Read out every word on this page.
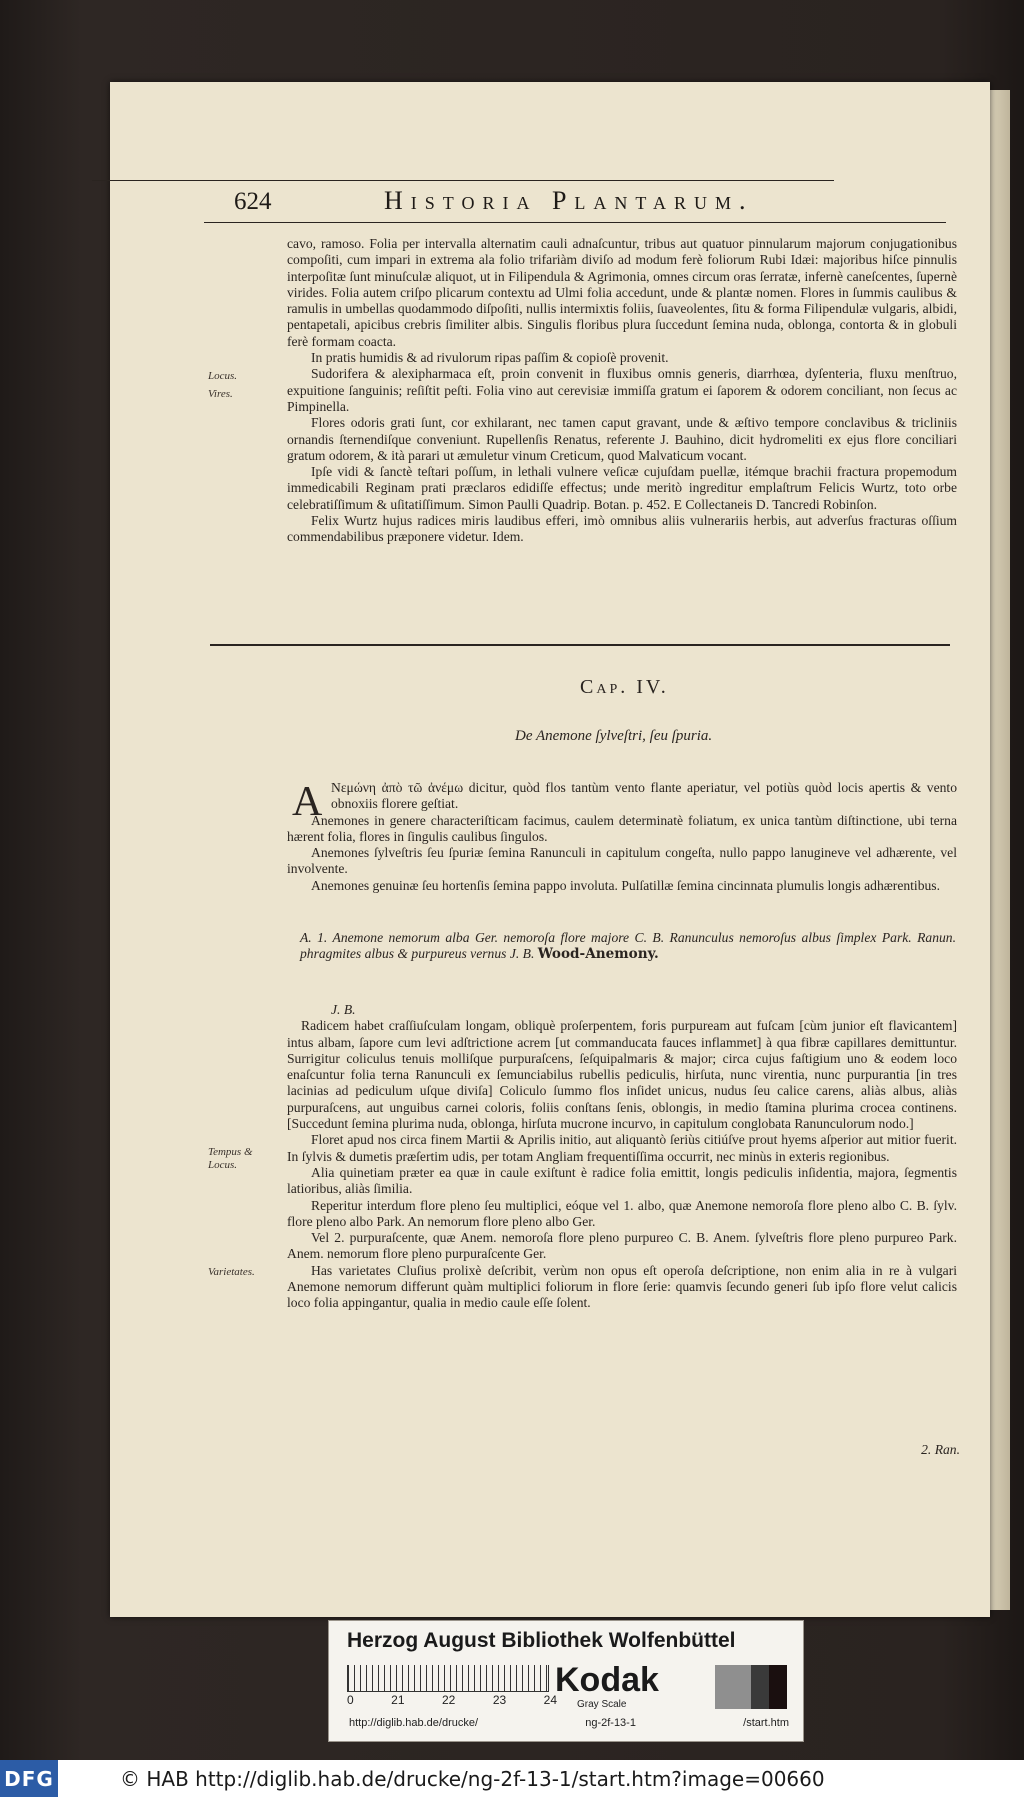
624	Historia Plantarum.
Locus.
Vires.

cavo, ramoso. Folia per intervalla alternatim cauli adnaſcuntur, tribus aut quatuor pinnularum majorum conjugationibus compoſiti, cum impari in extrema ala folio trifariàm diviſo ad modum ferè foliorum Rubi Idæi: majoribus hiſce pinnulis interpoſitæ ſunt minuſculæ aliquot, ut in Filipendula & Agrimonia, omnes circum oras ſerratæ, infernè caneſcentes, ſupernè virides. Folia autem criſpo plicarum contextu ad Ulmi folia accedunt, unde & plantæ nomen. Flores in ſummis caulibus & ramulis in umbellas quodammodo diſpoſiti, nullis intermixtis foliis, ſuaveolentes, ſitu & forma Filipendulæ vulgaris, albidi, pentapetali, apicibus crebris ſimiliter albis. Singulis floribus plura ſuccedunt ſemina nuda, oblonga, contorta & in globuli ferè formam coacta.

In pratis humidis & ad rivulorum ripas paſſim & copioſè provenit.

Sudorifera & alexipharmaca eſt, proin convenit in fluxibus omnis generis, diarrhœa, dyſenteria, fluxu menſtruo, expuitione ſanguinis; reſiſtit peſti. Folia vino aut cerevisiæ immiſſa gratum ei ſaporem & odorem conciliant, non ſecus ac Pimpinella.

Flores odoris grati ſunt, cor exhilarant, nec tamen caput gravant, unde & æſtivo tempore conclavibus & tricliniis ornandis ſternendiſque conveniunt. Rupellenſis Renatus, referente J. Bauhino, dicit hydromeliti ex ejus flore conciliari gratum odorem, & ità parari ut æmuletur vinum Creticum, quod Malvaticum vocant.

Ipſe vidi & ſanctè teſtari poſſum, in lethali vulnere veſicæ cujuſdam puellæ, itémque brachii fractura propemodum immedicabili Reginam prati præclaros edidiſſe effectus; unde meritò ingreditur emplaſtrum Felicis Wurtz, toto orbe celebratiſſimum & uſitatiſſimum. Simon Paulli Quadrip. Botan. p. 452. E Collectaneis D. Tancredi Robinſon.

Felix Wurtz hujus radices miris laudibus efferi, imò omnibus aliis vulnerariis herbis, aut adverſus fracturas oſſium commendabilibus præponere videtur. Idem.

Cap. IV.
De Anemone ſylveſtri, ſeu ſpuria.
A Νεμώνη ἀπὸ τῶ ἀνέμω dicitur, quòd flos tantùm vento flante aperiatur, vel potiùs quòd locis apertis & vento obnoxiis florere geſtiat.

Anemones in genere characteriſticam facimus, caulem determinatè foliatum, ex unica tantùm diſtinctione, ubi terna hærent folia, flores in ſingulis caulibus ſingulos.

Anemones ſylveſtris ſeu ſpuriæ ſemina Ranunculi in capitulum congeſta, nullo pappo lanugineve vel adhærente, vel involvente.

Anemones genuinæ ſeu hortenſis ſemina pappo involuta. Pulſatillæ ſemina cincinnata plumulis longis adhærentibus.

A. 1. Anemone nemorum alba Ger. nemoroſa flore majore C. B. Ranunculus nemoroſus albus ſimplex Park. Ranun. phragmites albus & purpureus vernus J. B. Wood-Anemony.
Tempus & Locus.
Varietates.

J. B.

Radicem habet craſſiuſculam longam, obliquè proſerpentem, foris purpuream aut fuſcam [cùm junior eſt flavicantem] intus albam, ſapore cum levi adſtrictione acrem [ut commanducata fauces inflammet] à qua fibræ capillares demittuntur. Surrigitur coliculus tenuis molliſque purpuraſcens, ſeſquipalmaris & major; circa cujus faſtigium uno & eodem loco enaſcuntur folia terna Ranunculi ex ſemunciabilus rubellis pediculis, hirſuta, nunc virentia, nunc purpurantia [in tres lacinias ad pediculum uſque diviſa] Coliculo ſummo flos inſidet unicus, nudus ſeu calice carens, aliàs albus, aliàs purpuraſcens, aut unguibus carnei coloris, foliis conſtans ſenis, oblongis, in medio ſtamina plurima crocea continens. [Succedunt ſemina plurima nuda, oblonga, hirſuta mucrone incurvo, in capitulum conglobata Ranunculorum nodo.]

Floret apud nos circa finem Martii & Aprilis initio, aut aliquantò ſeriùs citiúſve prout hyems aſperior aut mitior fuerit. In ſylvis & dumetis præſertim udis, per totam Angliam frequentiſſima occurrit, nec minùs in exteris regionibus.

Alia quinetiam præter ea quæ in caule exiſtunt è radice folia emittit, longis pediculis inſidentia, majora, ſegmentis latioribus, aliàs ſimilia.

Reperitur interdum flore pleno ſeu multiplici, eóque vel 1. albo, quæ Anemone nemoroſa flore pleno albo C. B. ſylv. flore pleno albo Park. An nemorum flore pleno albo Ger.

Vel 2. purpuraſcente, quæ Anem. nemoroſa flore pleno purpureo C. B. Anem. ſylveſtris flore pleno purpureo Park. Anem. nemorum flore pleno purpuraſcente Ger.

Has varietates Cluſius prolixè deſcribit, verùm non opus eſt operoſa deſcriptione, non enim alia in re à vulgari Anemone nemorum differunt quàm multiplici foliorum in flore ſerie: quamvis ſecundo generi ſub ipſo flore velut calicis loco folia appingantur, qualia in medio caule eſſe ſolent.

2. Ran.
Herzog August Bibliothek Wolfenbüttel
0	21	22	23	24
Kodak
Gray Scale
http://diglib.hab.de/drucke/	ng-2f-13-1	/start.htm
DFG	© HAB http://diglib.hab.de/drucke/ng-2f-13-1/start.htm?image=00660
